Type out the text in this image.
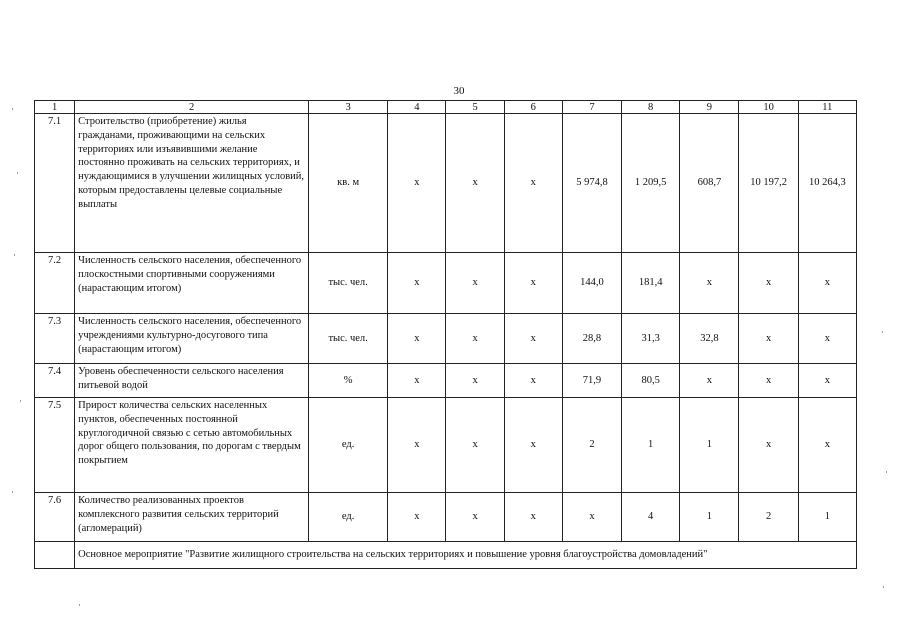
30
1	2	3	4	5	6	7	8	9	10	11
7.1	Строительство (приобретение) жилья гражданами, проживающими на сельских территориях или изъявившими желание постоянно проживать на сельских территориях, и нуждающимися в улучшении жилищных условий, которым предоставлены целевые социальные выплаты	кв. м	x	x	x	5 974,8	1 209,5	608,7	10 197,2	10 264,3
7.2	Численность сельского населения, обеспеченного плоскостными спортивными сооружениями (нарастающим итогом)	тыс. чел.	x	x	x	144,0	181,4	x	x	x
7.3	Численность сельского населения, обеспеченного учреждениями культурно-досугового типа (нарастающим итогом)	тыс. чел.	x	x	x	28,8	31,3	32,8	x	x
7.4	Уровень обеспеченности сельского населения питьевой водой	%	x	x	x	71,9	80,5	x	x	x
7.5	Прирост количества сельских населенных пунктов, обеспеченных постоянной круглогодичной связью с сетью автомобильных дорог общего пользования, по дорогам с твердым покрытием	ед.	x	x	x	2	1	1	x	x
7.6	Количество реализованных проектов комплексного развития сельских территорий (агломераций)	ед.	x	x	x	x	4	1	2	1
	Основное мероприятие "Развитие жилищного строительства на сельских территориях и повышение уровня благоустройства домовладений"									
